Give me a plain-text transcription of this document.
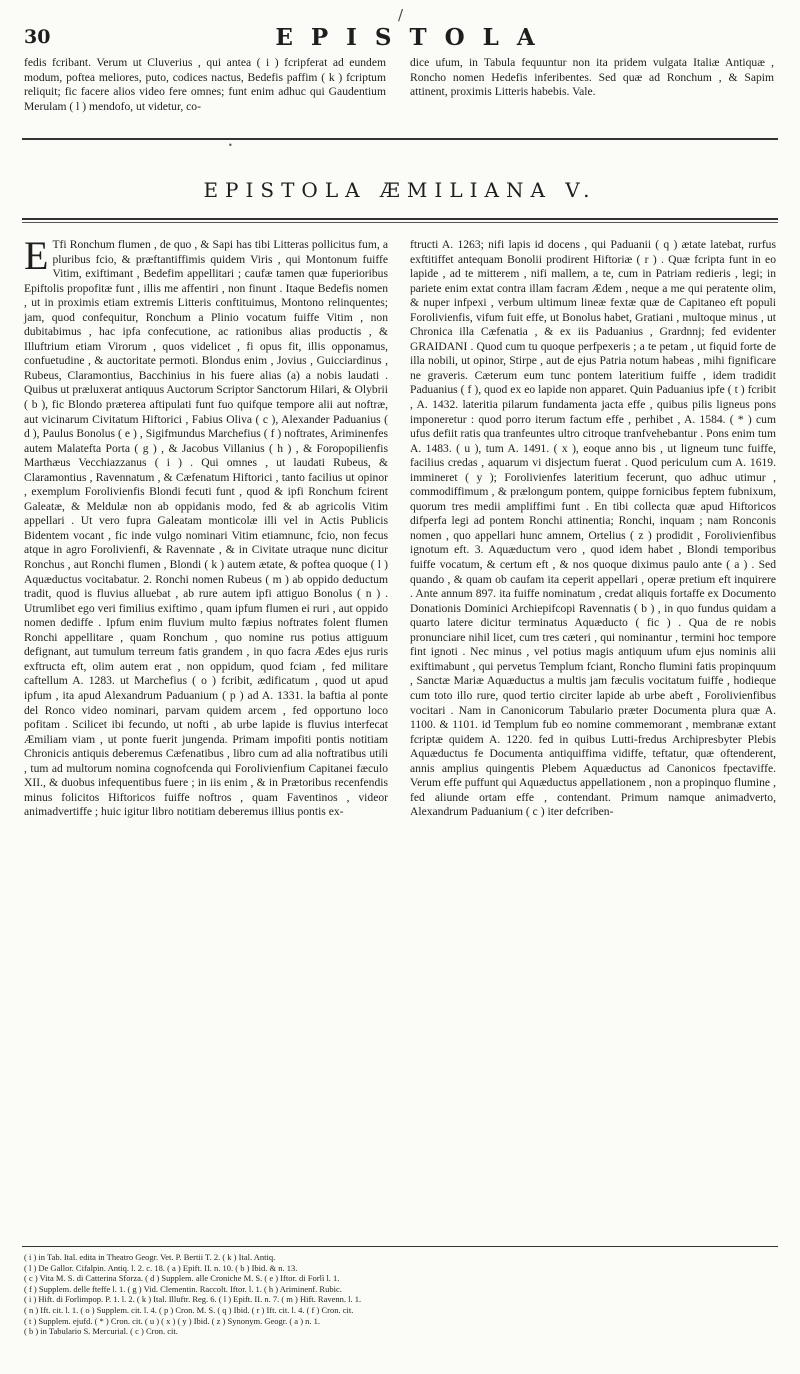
/
30	EPISTOLA

fedis fcribant. Verum ut Cluverius , qui antea ( i ) fcripferat ad eundem modum, poftea meliores, puto, codices nactus, Bedefis paffim ( k ) fcriptum reliquit; fic facere alios video fere omnes; funt enim adhuc qui Gaudentium Merulam ( l ) mendofo, ut videtur, co-

dice ufum, in Tabula fequuntur non ita pridem vulgata Italiæ Antiquæ , Roncho nomen Hedefis inferibentes. Sed quæ ad Ronchum , & Sapim attinent, proximis Litteris habebis. Vale.

•
EPISTOLA ÆMILIANA V.
E Tfi Ronchum flumen , de quo , & Sapi has tibi Litteras pollicitus fum, a pluribus fcio, & præftantiffimis quidem Viris , qui Montonum fuiffe Vitim, exiftimant , Bedefim appellitari ; caufæ tamen quæ fuperioribus Epiftolis propofitæ funt , illis me affentiri , non finunt . Itaque Bedefis nomen , ut in proximis etiam extremis Litteris conftituimus, Montono relinquentes; jam, quod confequitur, Ronchum a Plinio vocatum fuiffe Vitim , non dubitabimus , hac ipfa confecutione, ac rationibus alias productis , & Illuftrium etiam Virorum , quos videlicet , fi opus fit, illis opponamus, confuetudine , & auctoritate permoti. Blondus enim , Jovius , Guicciardinus , Rubeus, Claramontius, Bacchinius in his fuere alias (a) a nobis laudati . Quibus ut præluxerat antiquus Auctorum Scriptor Sanctorum Hilari, & Olybrii ( b ), fic Blondo præterea aftipulati funt fuo quifque tempore alii aut noftræ, aut vicinarum Civitatum Hiftorici , Fabius Oliva ( c ), Alexander Paduanius ( d ), Paulus Bonolus ( e ) , Sigifmundus Marchefius ( f ) noftrates, Ariminenfes autem Malatefta Porta ( g ) , & Jacobus Villanius ( h ) , & Foropopilienfis Marthæus Vecchiazzanus ( i ) . Qui omnes , ut laudati Rubeus, & Claramontius , Ravennatum , & Cæfenatum Hiftorici , tanto facilius ut opinor , exemplum Forolivienfis Blondi fecuti funt , quod & ipfi Ronchum fcirent Galeatæ, & Meldulæ non ab oppidanis modo, fed & ab agricolis Vitim appellari . Ut vero fupra Galeatam monticolæ illi vel in Actis Publicis Bidentem vocant , fic inde vulgo nominari Vitim etiamnunc, fcio, non fecus atque in agro Forolivienfi, & Ravennate , & in Civitate utraque nunc dicitur Ronchus , aut Ronchi flumen , Blondi ( k ) autem ætate, & poftea quoque ( l ) Aquæductus vocitabatur. 2. Ronchi nomen Rubeus ( m ) ab oppido deductum tradit, quod is fluvius alluebat , ab rure autem ipfi attiguo Bonolus ( n ) . Utrumlibet ego veri fimilius exiftimo , quam ipfum flumen ei ruri , aut oppido nomen dediffe . Ipfum enim fluvium multo fæpius noftrates folent flumen Ronchi appellitare , quam Ronchum , quo nomine rus potius attiguum defignant, aut tumulum terreum fatis grandem , in quo facra Ædes ejus ruris exftructa eft, olim autem erat , non oppidum, quod fciam , fed militare caftellum A. 1283. ut Marchefius ( o ) fcribit, ædificatum , quod ut apud ipfum , ita apud Alexandrum Paduanium ( p ) ad A. 1331. la baftia al ponte del Ronco video nominari, parvam quidem arcem , fed opportuno loco pofitam . Scilicet ibi fecundo, ut nofti , ab urbe lapide is fluvius interfecat Æmiliam viam , ut ponte fuerit jungenda. Primam impofiti pontis notitiam Chronicis antiquis deberemus Cæfenatibus , libro cum ad alia noftratibus utili , tum ad multorum nomina cognofcenda qui Forolivienfium Capitanei fæculo XII., & duobus infequentibus fuere ; in iis enim , & in Prætoribus recenfendis minus folicitos Hiftoricos fuiffe noftros , quam Faventinos , videor animadvertiffe ; huic igitur libro notitiam deberemus illius pontis ex-

ftructi A. 1263; nifi lapis id docens , qui Paduanii ( q ) ætate latebat, rurfus exftitiffet antequam Bonolii prodirent Hiftoriæ ( r ) . Quæ fcripta funt in eo lapide , ad te mitterem , nifi mallem, a te, cum in Patriam redieris , legi; in pariete enim extat contra illam facram Ædem , neque a me qui peratente olim, & nuper infpexi , verbum ultimum lineæ fextæ quæ de Capitaneo eft populi Forolivienfis, vifum fuit effe, ut Bonolus habet, Gratiani , multoque minus , ut Chronica illa Cæfenatia , & ex iis Paduanius , Grardnnj; fed evidenter GRAIDANI . Quod cum tu quoque perfpexeris ; a te petam , ut fiquid forte de illa nobili, ut opinor, Stirpe , aut de ejus Patria notum habeas , mihi fignificare ne graveris. Cæterum eum tunc pontem lateritium fuiffe , idem tradidit Paduanius ( f ), quod ex eo lapide non apparet. Quin Paduanius ipfe ( t ) fcribit , A. 1432. lateritia pilarum fundamenta jacta effe , quibus pilis ligneus pons imponeretur : quod porro iterum factum effe , perhibet , A. 1584. ( * ) cum ufus defiit ratis qua tranfeuntes ultro citroque tranfvehebantur . Pons enim tum A. 1483. ( u ), tum A. 1491. ( x ), eoque anno bis , ut ligneum tunc fuiffe, facilius credas , aquarum vi disjectum fuerat . Quod periculum cum A. 1619. immineret ( y ); Forolivienfes lateritium fecerunt, quo adhuc utimur , commodiffimum , & prælongum pontem, quippe fornicibus feptem fubnixum, quorum tres medii ampliffimi funt . En tibi collecta quæ apud Hiftoricos difperfa legi ad pontem Ronchi attinentia; Ronchi, inquam ; nam Ronconis nomen , quo appellari hunc amnem, Ortelius ( z ) prodidit , Forolivienfibus ignotum eft. 3. Aquæductum vero , quod idem habet , Blondi temporibus fuiffe vocatum, & certum eft , & nos quoque diximus paulo ante ( a ) . Sed quando , & quam ob caufam ita ceperit appellari , operæ pretium eft inquirere . Ante annum 897. ita fuiffe nominatum , credat aliquis fortaffe ex Documento Donationis Dominici Archiepifcopi Ravennatis ( b ) , in quo fundus quidam a quarto latere dicitur terminatus Aquæducto ( fic ) . Qua de re nobis pronunciare nihil licet, cum tres cæteri , qui nominantur , termini hoc tempore fint ignoti . Nec minus , vel potius magis antiquum ufum ejus nominis alii exiftimabunt , qui pervetus Templum fciant, Roncho flumini fatis propinquum , Sanctæ Mariæ Aquæductus a multis jam fæculis vocitatum fuiffe , hodieque cum toto illo rure, quod tertio circiter lapide ab urbe abeft , Forolivienfibus vocitari . Nam in Canonicorum Tabulario præter Documenta plura quæ A. 1100. & 1101. id Templum fub eo nomine commemorant , membranæ extant fcriptæ quidem A. 1220. fed in quibus Lutti-fredus Archipresbyter Plebis Aquæductus fe Documenta antiquiffima vidiffe, teftatur, quæ oftenderent, annis amplius quingentis Plebem Aquæductus ad Canonicos fpectaviffe. Verum effe puffunt qui Aquæductus appellationem , non a propinquo flumine , fed aliunde ortam effe , contendant. Primum namque animadverto, Alexandrum Paduanium ( c ) iter defcriben-

( i ) in Tab. Ital. edita in Theatro Geogr. Vet. P. Bertii T. 2. ( k ) Ital. Antiq.
( l ) De Gallor. Cifalpin. Antiq. l. 2. c. 18. ( a ) Epift. II. n. 10. ( b ) Ibid. & n. 13.
( c ) Vita M. S. di Catterina Sforza. ( d ) Supplem. alle Croniche M. S. ( e ) Iftor. di Forlì l. 1.
( f ) Supplem. delle fteffe l. 1. ( g ) Vid. Clementin. Raccolt. Iftor. l. 1. ( h ) Ariminenf. Rubic.
( i ) Hift. di Forlimpop. P. 1. l. 2. ( k ) Ital. Illuftr. Reg. 6. ( l ) Epift. II. n. 7. ( m ) Hift. Ravenn. l. 1.
( n ) Ift. cit. l. 1. ( o ) Supplem. cit. l. 4. ( p ) Cron. M. S. ( q ) Ibid. ( r ) Ift. cit. l. 4. ( f ) Cron. cit.
( t ) Supplem. ejufd. ( * ) Cron. cit. ( u ) ( x ) ( y ) Ibid. ( z ) Synonym. Geogr. ( a ) n. 1.
( b ) in Tabulario S. Mercurial. ( c ) Cron. cit.
